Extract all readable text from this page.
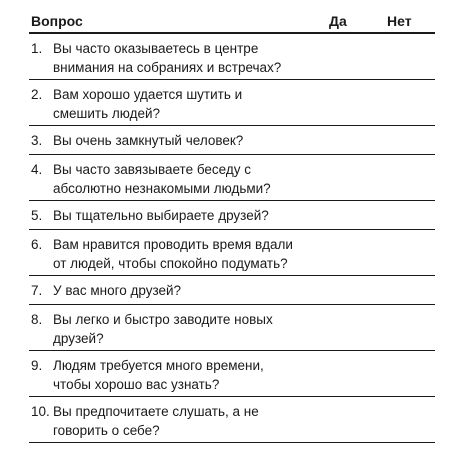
Вопрос	Да	Нет
1. Вы часто оказываетесь в центре
внимания на собраниях и встречах?
2. Вам хорошо удается шутить и
смешить людей?
3. Вы очень замкнутый человек?
4. Вы часто завязываете беседу с
абсолютно незнакомыми людьми?
5. Вы тщательно выбираете друзей?
6. Вам нравится проводить время вдали
от людей, чтобы спокойно подумать?
7. У вас много друзей?
8. Вы легко и быстро заводите новых
друзей?
9. Людям требуется много времени,
чтобы хорошо вас узнать?
10. Вы предпочитаете слушать, а не
говорить о себе?
